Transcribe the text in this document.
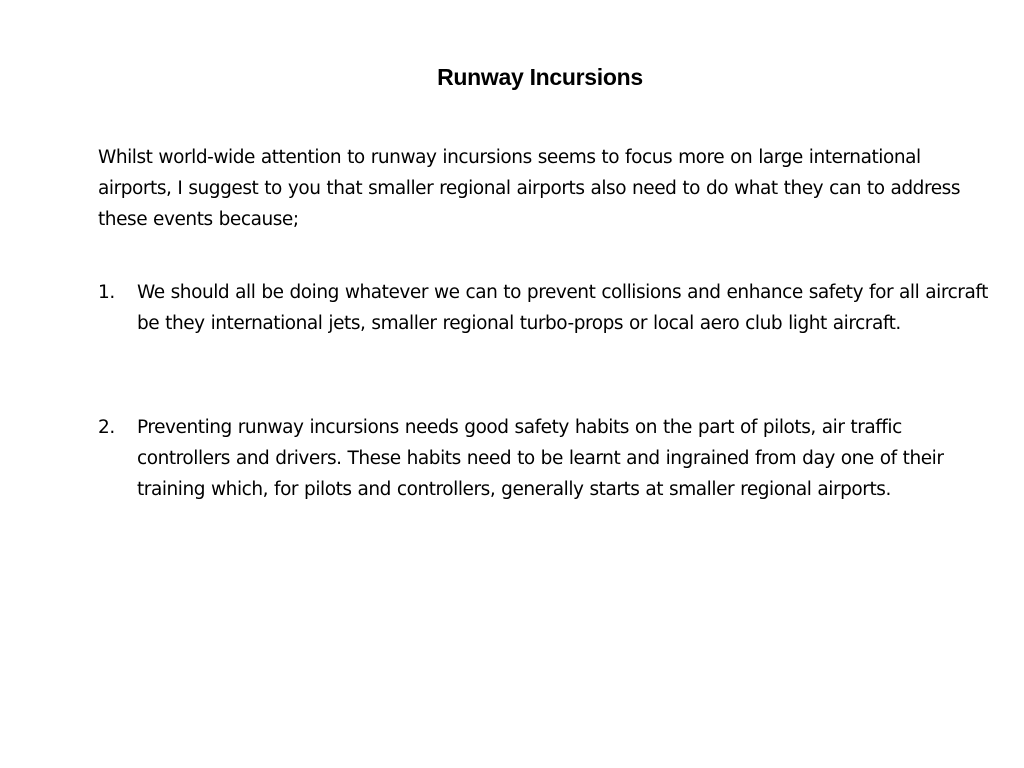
Runway Incursions
Whilst world-wide attention to runway incursions seems to focus more on large international airports, I suggest to you that smaller regional airports also need to do what they can to address these events because;
1.	We should all be doing whatever we can to prevent collisions and enhance safety for all aircraft be they international jets, smaller regional turbo-props or local aero club light aircraft.
2.	Preventing runway incursions needs good safety habits on the part of pilots, air traffic controllers and drivers. These habits need to be learnt and ingrained from day one of their training which, for pilots and controllers, generally starts at smaller regional airports.
